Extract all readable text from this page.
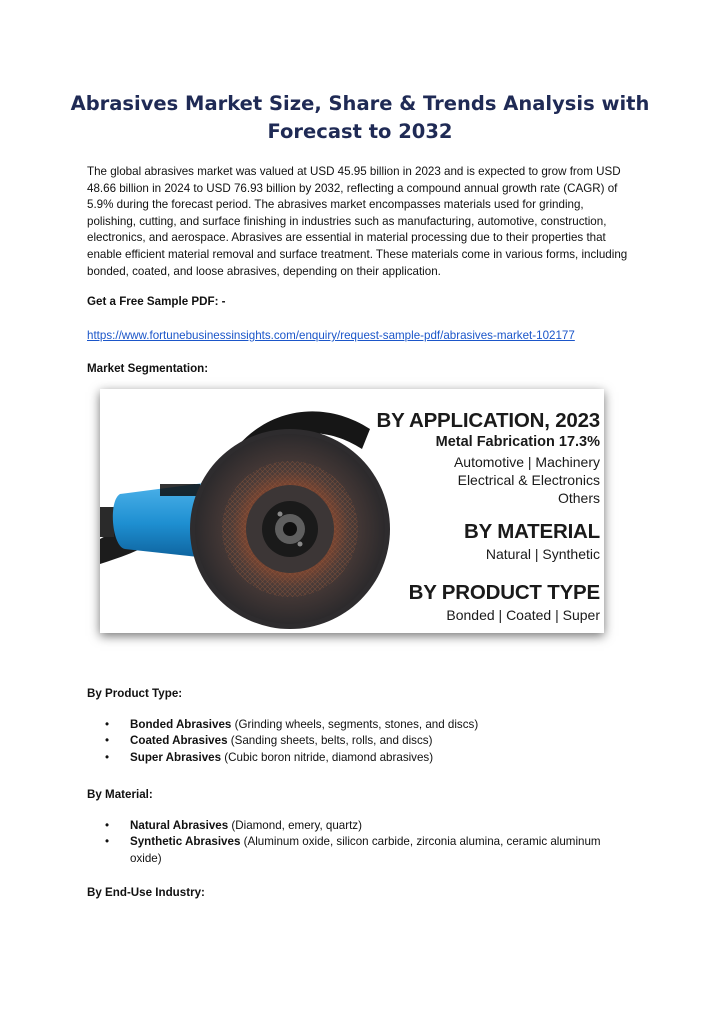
Abrasives Market Size, Share & Trends Analysis with Forecast to 2032

The global abrasives market was valued at USD 45.95 billion in 2023 and is expected to grow from USD 48.66 billion in 2024 to USD 76.93 billion by 2032, reflecting a compound annual growth rate (CAGR) of 5.9% during the forecast period. The abrasives market encompasses materials used for grinding, polishing, cutting, and surface finishing in industries such as manufacturing, automotive, construction, electronics, and aerospace. Abrasives are essential in material processing due to their properties that enable efficient material removal and surface treatment. These materials come in various forms, including bonded, coated, and loose abrasives, depending on their application.

Get a Free Sample PDF: -

https://www.fortunebusinessinsights.com/enquiry/request-sample-pdf/abrasives-market-102177

Market Segmentation:

BY APPLICATION, 2023
Metal Fabrication 17.3%
Automotive | Machinery
Electrical & Electronics
Others
BY MATERIAL
Natural | Synthetic
BY PRODUCT TYPE
Bonded | Coated | Super

By Product Type:

• Bonded Abrasives (Grinding wheels, segments, stones, and discs)
• Coated Abrasives (Sanding sheets, belts, rolls, and discs)
• Super Abrasives (Cubic boron nitride, diamond abrasives)

By Material:

• Natural Abrasives (Diamond, emery, quartz)
• Synthetic Abrasives (Aluminum oxide, silicon carbide, zirconia alumina, ceramic aluminum oxide)

By End-Use Industry:
